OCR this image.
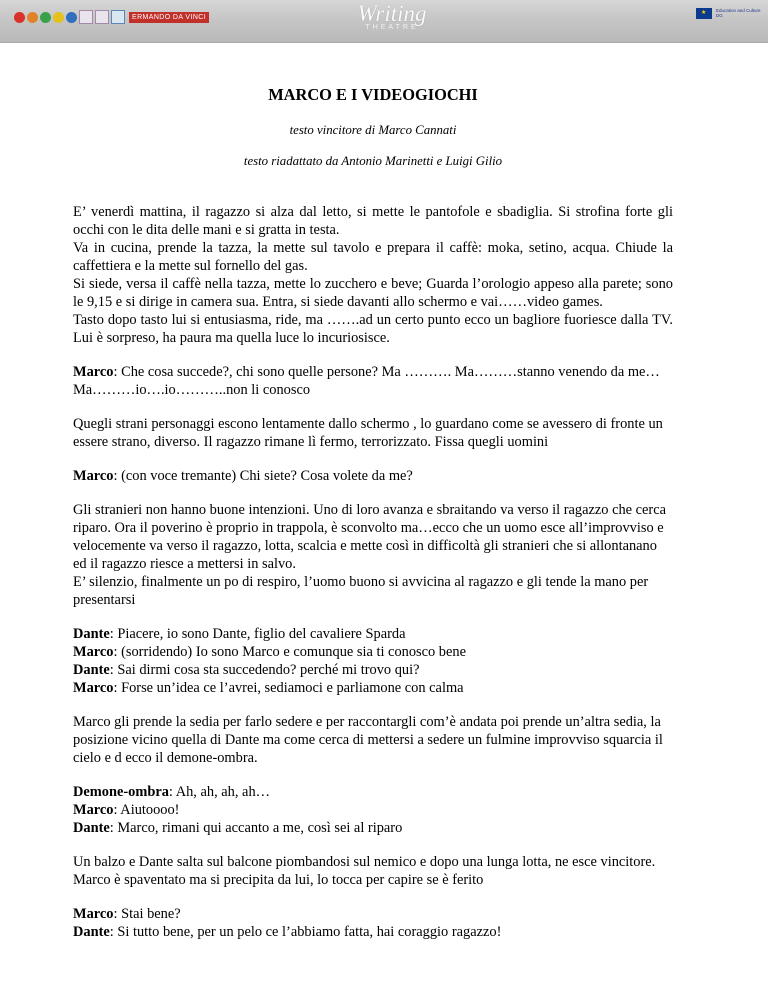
ERMANDO DA VINCI	Writing
THEATRE
★ Education and Culture DG
MARCO E I VIDEOGIOCHI
testo vincitore di Marco Cannati
testo riadattato da Antonio Marinetti e Luigi Gilio

E’ venerdì mattina, il ragazzo si alza dal letto, si mette le pantofole e sbadiglia. Si strofina forte gli occhi con le dita delle mani e si gratta in testa.
Va in cucina, prende la tazza, la mette sul tavolo e prepara il caffè: moka, setino, acqua. Chiude la caffettiera e la mette sul fornello del gas.
Si siede, versa il caffè nella tazza, mette lo zucchero e beve; Guarda l’orologio appeso alla parete; sono le 9,15 e si dirige in camera sua. Entra, si siede davanti allo schermo e vai……video games.
Tasto dopo tasto lui si entusiasma, ride, ma …….ad un certo punto ecco un bagliore fuoriesce dalla TV. Lui è sorpreso, ha paura ma quella luce lo incuriosisce.

Marco: Che cosa succede?, chi sono quelle persone? Ma ………. Ma………stanno venendo da me…Ma………io….io………..non li conosco

Quegli strani personaggi escono lentamente dallo schermo , lo guardano come se avessero di fronte un essere strano, diverso. Il ragazzo rimane lì fermo, terrorizzato. Fissa quegli uomini

Marco: (con voce tremante) Chi siete? Cosa volete da me?

Gli stranieri non hanno buone intenzioni. Uno di loro avanza e sbraitando va verso il ragazzo che cerca riparo. Ora il poverino è proprio in trappola, è sconvolto ma…ecco che un uomo esce all’improvviso e velocemente va verso il ragazzo, lotta, scalcia e mette così in difficoltà gli stranieri che si allontanano ed il ragazzo riesce a mettersi in salvo.
E’ silenzio, finalmente un po di respiro, l’uomo buono si avvicina al ragazzo e gli tende la mano per presentarsi

Dante: Piacere, io sono Dante, figlio del cavaliere Sparda
Marco: (sorridendo) Io sono Marco e comunque sia ti conosco bene
Dante: Sai dirmi cosa sta succedendo? perché mi trovo qui?
Marco: Forse un’idea ce l’avrei, sediamoci e parliamone con calma

Marco gli prende la sedia per farlo sedere e per raccontargli com’è andata poi prende un’altra sedia, la posizione vicino quella di Dante ma come cerca di mettersi a sedere un fulmine improvviso squarcia il cielo e d ecco il demone-ombra.

Demone-ombra: Ah, ah, ah, ah…
Marco: Aiutoooo!
Dante: Marco, rimani qui accanto a me, così sei al riparo

Un balzo e Dante salta sul balcone piombandosi sul nemico e dopo una lunga lotta, ne esce vincitore.
Marco è spaventato ma si precipita da lui, lo tocca per capire se è ferito

Marco: Stai bene?
Dante: Si tutto bene, per un pelo ce l’abbiamo fatta, hai coraggio ragazzo!
